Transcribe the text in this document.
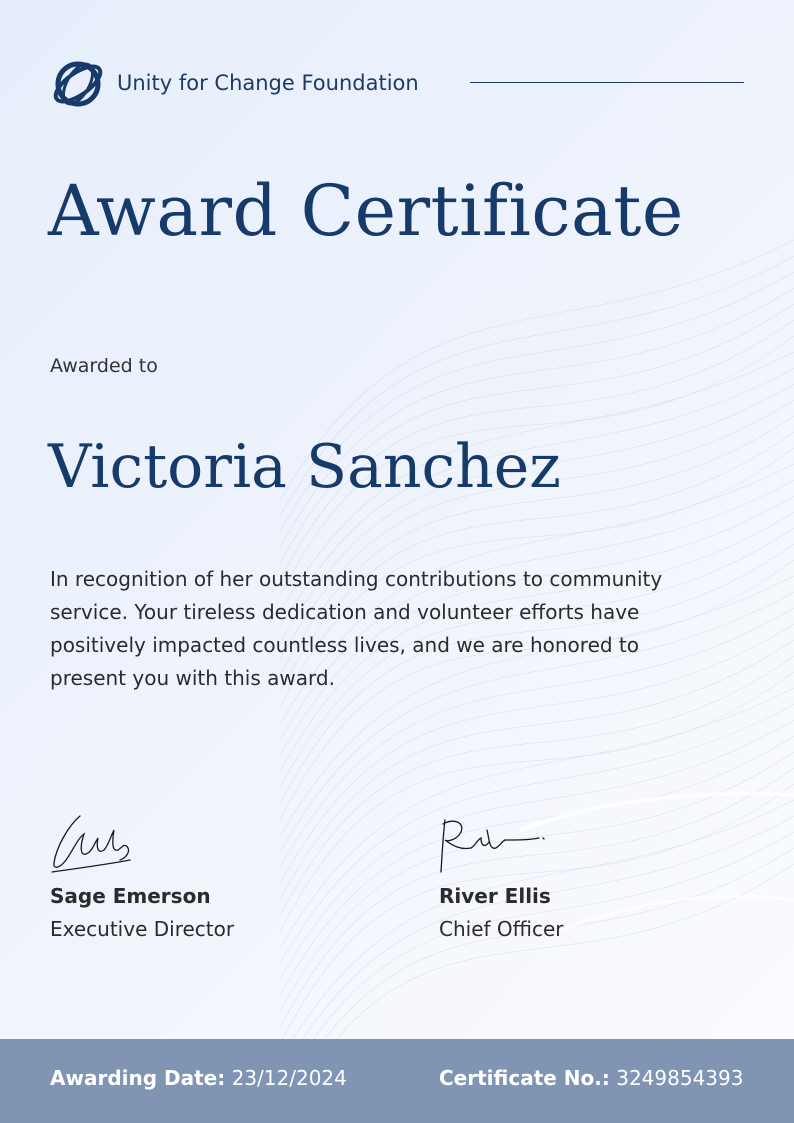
Unity for Change Foundation
Award Certificate
Awarded to
Victoria Sanchez
In recognition of her outstanding contributions to community service. Your tireless dedication and volunteer efforts have positively impacted countless lives, and we are honored to present you with this award.
Sage Emerson
Executive Director
River Ellis
Chief Officer
Awarding Date: 23/12/2024	Certificate No.: 3249854393
